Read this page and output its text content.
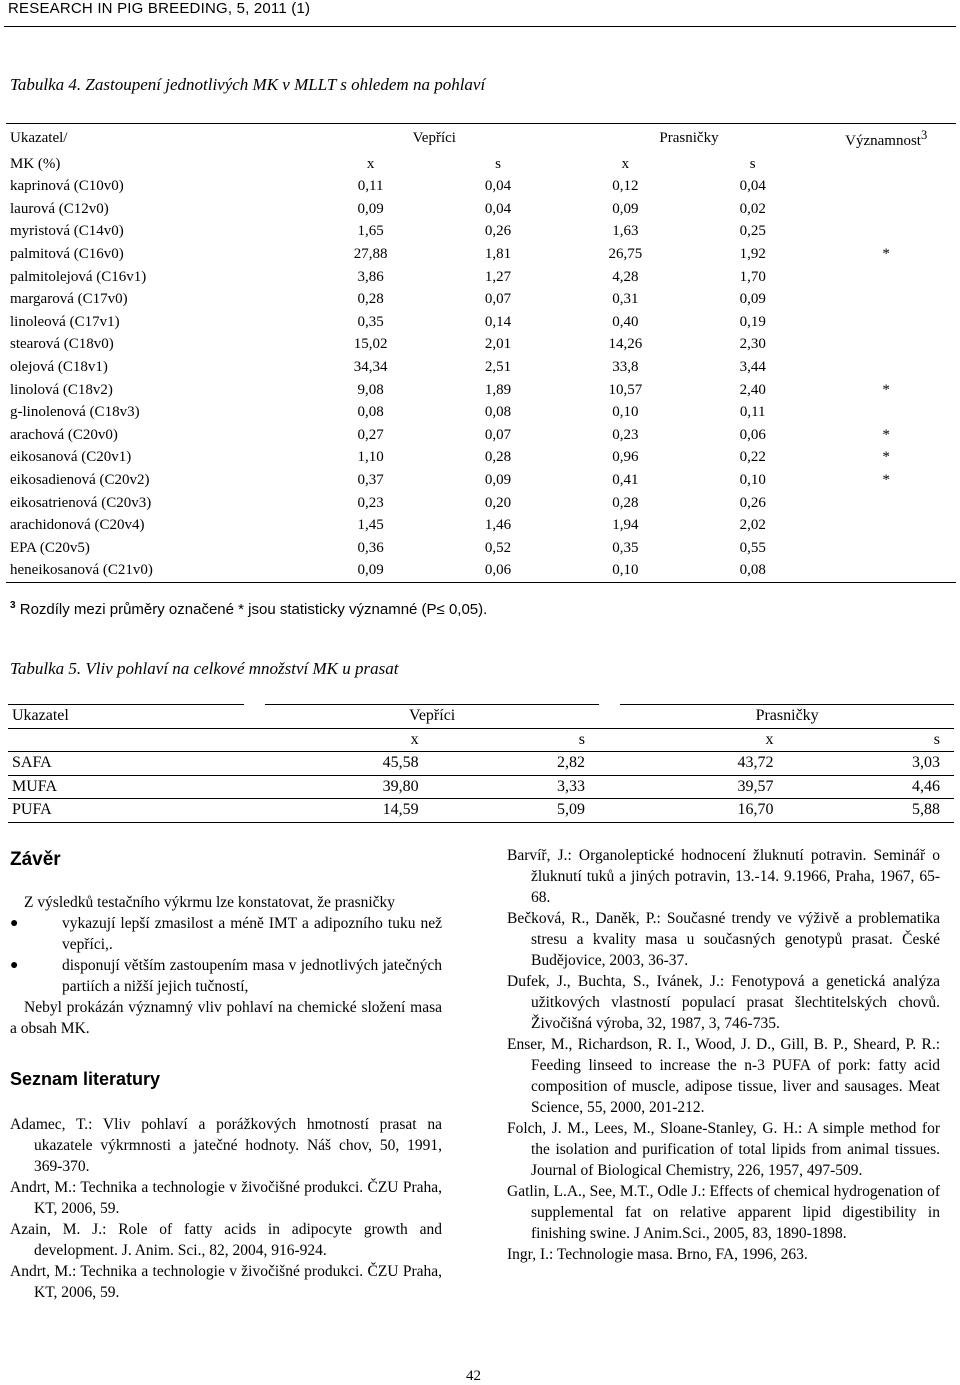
RESEARCH IN PIG BREEDING, 5, 2011 (1)
Tabulka 4. Zastoupení jednotlivých MK v MLLT s ohledem na pohlaví
Ukazatel/	Vepříci		Prasničky		Významnost$^3$
MK (%)	x	s	x	s	
kaprinová (C10v0)	0,11	0,04	0,12	0,04	
laurová (C12v0)	0,09	0,04	0,09	0,02	
myristová (C14v0)	1,65	0,26	1,63	0,25	
palmitová (C16v0)	27,88	1,81	26,75	1,92	*
palmitolejová (C16v1)	3,86	1,27	4,28	1,70	
margarová (C17v0)	0,28	0,07	0,31	0,09	
linoleová (C17v1)	0,35	0,14	0,40	0,19	
stearová (C18v0)	15,02	2,01	14,26	2,30	
olejová (C18v1)	34,34	2,51	33,8	3,44	
linolová (C18v2)	9,08	1,89	10,57	2,40	*
g-linolenová (C18v3)	0,08	0,08	0,10	0,11	
arachová (C20v0)	0,27	0,07	0,23	0,06	*
eikosanová (C20v1)	1,10	0,28	0,96	0,22	*
eikosadienová (C20v2)	0,37	0,09	0,41	0,10	*
eikosatrienová (C20v3)	0,23	0,20	0,28	0,26	
arachidonová (C20v4)	1,45	1,46	1,94	2,02	
EPA (C20v5)	0,36	0,52	0,35	0,55	
heneikosanová (C21v0)	0,09	0,06	0,10	0,08	
$^3$ Rozdíly mezi průměry označené * jsou statisticky významné (P≤ 0,05).
Tabulka 5. Vliv pohlaví na celkové množství MK u prasat
Ukazatel		Vepříci			Prasničky	
		x	s		x	s
SAFA		45,58	2,82		43,72	3,03
MUFA		39,80	3,33		39,57	4,46
PUFA		14,59	5,09		16,70	5,88
Závěr

Z výsledků testačního výkrmu lze konstatovat, že prasničky

●	vykazují lepší zmasilost a méně IMT a adipozního tuku než vepříci,.
●	disponují větším zastoupením masa v jednotlivých jatečných partiích a nižší jejich tučností,

Nebyl prokázán významný vliv pohlaví na chemické složení masa a obsah MK.

Seznam literatury

Adamec, T.: Vliv pohlaví a porážkových hmotností prasat na ukazatele výkrmnosti a jatečné hodnoty. Náš chov, 50, 1991, 369-370.

Andrt, M.: Technika a technologie v živočišné produkci. ČZU Praha, KT, 2006, 59.

Azain, M. J.: Role of fatty acids in adipocyte growth and development. J. Anim. Sci., 82, 2004, 916-924.

Andrt, M.: Technika a technologie v živočišné produkci. ČZU Praha, KT, 2006, 59.

Barvíř, J.: Organoleptické hodnocení žluknutí potravin. Seminář o žluknutí tuků a jiných potravin, 13.-14. 9.1966, Praha, 1967, 65-68.

Bečková, R., Daněk, P.: Současné trendy ve výživě a problematika stresu a kvality masa u současných genotypů prasat. České Budějovice, 2003, 36-37.

Dufek, J., Buchta, S., Ivánek, J.: Fenotypová a genetická analýza užitkových vlastností populací prasat šlechtitelských chovů. Živočišná výroba, 32, 1987, 3, 746-735.

Enser, M., Richardson, R. I., Wood, J. D., Gill, B. P., Sheard, P. R.: Feeding linseed to increase the n-3 PUFA of pork: fatty acid composition of muscle, adipose tissue, liver and sausages. Meat Science, 55, 2000, 201-212.

Folch, J. M., Lees, M., Sloane-Stanley, G. H.: A simple method for the isolation and purification of total lipids from animal tissues. Journal of Biological Chemistry, 226, 1957, 497-509.

Gatlin, L.A., See, M.T., Odle J.: Effects of chemical hydrogenation of supplemental fat on relative apparent lipid digestibility in finishing swine. J Anim.Sci., 2005, 83, 1890-1898.

Ingr, I.: Technologie masa. Brno, FA, 1996, 263.

42
